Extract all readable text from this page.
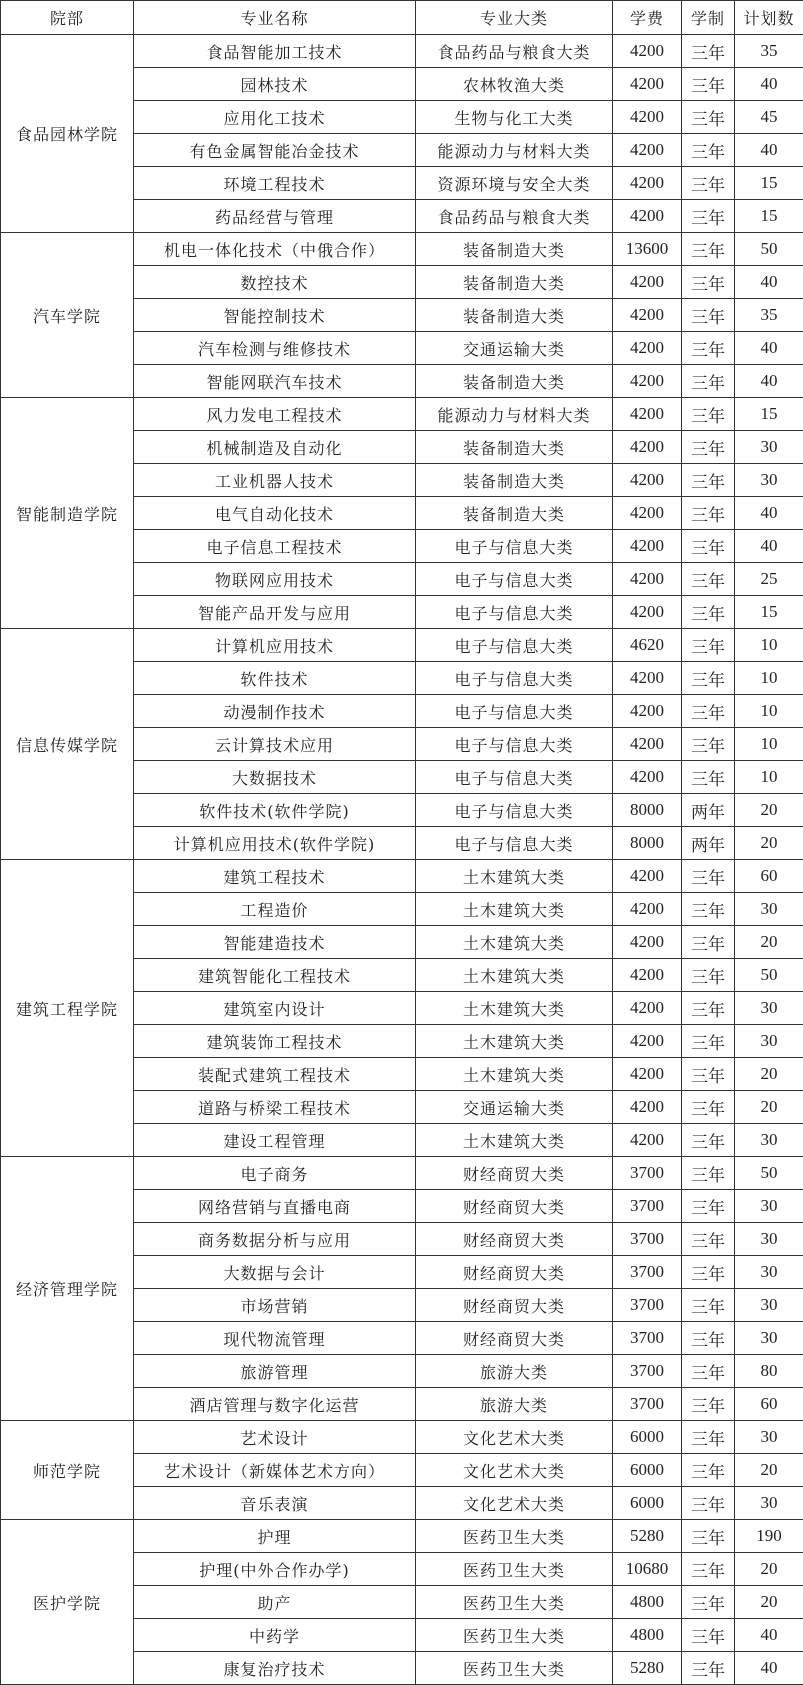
院部	专业名称	专业大类	学费	学制	计划数
食品园林学院	食品智能加工技术	食品药品与粮食大类	4200	三年	35
	园林技术	农林牧渔大类	4200	三年	40
	应用化工技术	生物与化工大类	4200	三年	45
	有色金属智能冶金技术	能源动力与材料大类	4200	三年	40
	环境工程技术	资源环境与安全大类	4200	三年	15
	药品经营与管理	食品药品与粮食大类	4200	三年	15
汽车学院	机电一体化技术（中俄合作）	装备制造大类	13600	三年	50
	数控技术	装备制造大类	4200	三年	40
	智能控制技术	装备制造大类	4200	三年	35
	汽车检测与维修技术	交通运输大类	4200	三年	40
	智能网联汽车技术	装备制造大类	4200	三年	40
智能制造学院	风力发电工程技术	能源动力与材料大类	4200	三年	15
	机械制造及自动化	装备制造大类	4200	三年	30
	工业机器人技术	装备制造大类	4200	三年	30
	电气自动化技术	装备制造大类	4200	三年	40
	电子信息工程技术	电子与信息大类	4200	三年	40
	物联网应用技术	电子与信息大类	4200	三年	25
	智能产品开发与应用	电子与信息大类	4200	三年	15
信息传媒学院	计算机应用技术	电子与信息大类	4620	三年	10
	软件技术	电子与信息大类	4200	三年	10
	动漫制作技术	电子与信息大类	4200	三年	10
	云计算技术应用	电子与信息大类	4200	三年	10
	大数据技术	电子与信息大类	4200	三年	10
	软件技术(软件学院)	电子与信息大类	8000	两年	20
	计算机应用技术(软件学院)	电子与信息大类	8000	两年	20
建筑工程学院	建筑工程技术	土木建筑大类	4200	三年	60
	工程造价	土木建筑大类	4200	三年	30
	智能建造技术	土木建筑大类	4200	三年	20
	建筑智能化工程技术	土木建筑大类	4200	三年	50
	建筑室内设计	土木建筑大类	4200	三年	30
	建筑装饰工程技术	土木建筑大类	4200	三年	30
	装配式建筑工程技术	土木建筑大类	4200	三年	20
	道路与桥梁工程技术	交通运输大类	4200	三年	20
	建设工程管理	土木建筑大类	4200	三年	30
经济管理学院	电子商务	财经商贸大类	3700	三年	50
	网络营销与直播电商	财经商贸大类	3700	三年	30
	商务数据分析与应用	财经商贸大类	3700	三年	30
	大数据与会计	财经商贸大类	3700	三年	30
	市场营销	财经商贸大类	3700	三年	30
	现代物流管理	财经商贸大类	3700	三年	30
	旅游管理	旅游大类	3700	三年	80
	酒店管理与数字化运营	旅游大类	3700	三年	60
师范学院	艺术设计	文化艺术大类	6000	三年	30
	艺术设计（新媒体艺术方向）	文化艺术大类	6000	三年	20
	音乐表演	文化艺术大类	6000	三年	30
医护学院	护理	医药卫生大类	5280	三年	190
	护理(中外合作办学)	医药卫生大类	10680	三年	20
	助产	医药卫生大类	4800	三年	20
	中药学	医药卫生大类	4800	三年	40
	康复治疗技术	医药卫生大类	5280	三年	40
